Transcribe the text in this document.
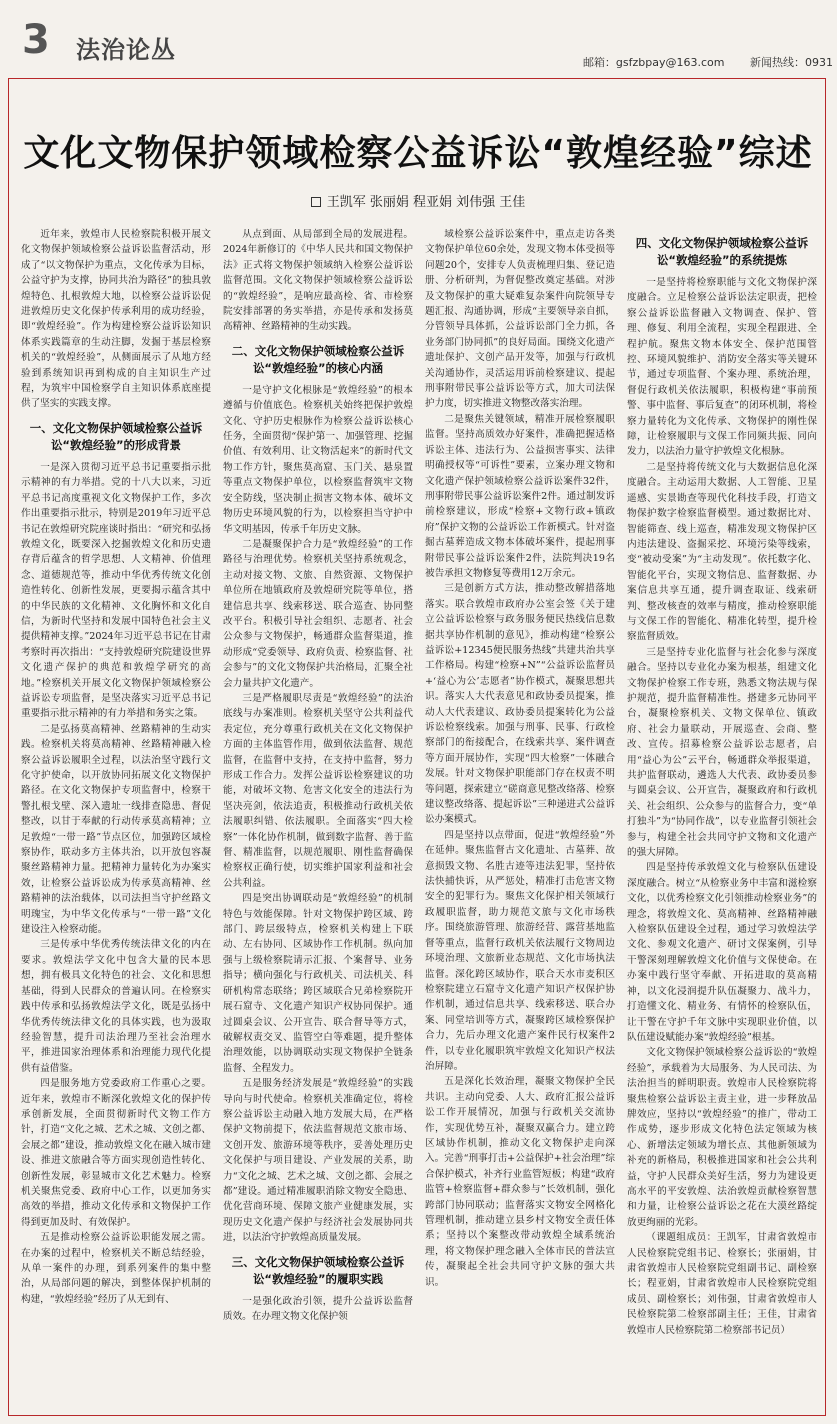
3 法治论丛	邮箱：gsfzbpay@163.com 新闻热线：0931
文化文物保护领域检察公益诉讼“敦煌经验”综述
王凯军 张丽娟 程亚娟 刘伟强 王佳

近年来，敦煌市人民检察院积极开展文化文物保护领域检察公益诉讼监督活动，形成了“以文物保护为重点，文化传承为目标，公益守护为支撑，协同共治为路径”的独具敦煌特色、扎根敦煌大地，以检察公益诉讼促进敦煌历史文化保护传承利用的成功经验，即“敦煌经验”。作为构建检察公益诉讼知识体系实践篇章的生动注脚，发掘于基层检察机关的“敦煌经验”，从侧面展示了从地方经验到系统知识再到构成的自主知识生产过程，为筑牢中国检察学自主知识体系底座提供了坚实的实践支撑。

一、文化文物保护领域检察公益诉讼“敦煌经验”的形成背景

一是深入贯彻习近平总书记重要指示批示精神的有力举措。党的十八大以来，习近平总书记高度重视文化文物保护工作，多次作出重要指示批示，特别是2019年习近平总书记在敦煌研究院座谈时指出：“研究和弘扬敦煌文化，既要深入挖掘敦煌文化和历史遗存背后蕴含的哲学思想、人文精神、价值理念、道德规范等，推动中华优秀传统文化创造性转化、创新性发展，更要揭示蕴含其中的中华民族的文化精神、文化胸怀和文化自信，为新时代坚持和发展中国特色社会主义提供精神支撑。”2024年习近平总书记在甘肃考察时再次指出：“支持敦煌研究院建设世界文化遗产保护的典范和敦煌学研究的高地。”检察机关开展文化文物保护领域检察公益诉讼专项监督，是坚决落实习近平总书记重要指示批示精神的有力举措和务实之策。

二是弘扬莫高精神、丝路精神的生动实践。检察机关将莫高精神、丝路精神融入检察公益诉讼履职全过程，以法治坚守践行文化守护使命，以开放协同拓展文化文物保护路径。在文化文物保护专项监督中，检察干警扎根戈壁、深入遗址一线排查隐患、督促整改，以甘于奉献的行动传承莫高精神；立足敦煌“一带一路”节点区位，加强跨区域检察协作，联动多方主体共治，以开放包容凝聚丝路精神力量。把精神力量转化为办案实效，让检察公益诉讼成为传承莫高精神、丝路精神的法治载体，以司法担当守护丝路文明瑰宝，为中华文化传承与“一带一路”文化建设注入检察动能。

三是传承中华优秀传统法律文化的内在要求。敦煌法学文化中包含大量的民本思想，拥有极具文化特色的社会、文化和思想基础，得到人民群众的普遍认同。在检察实践中传承和弘扬敦煌法学文化，既是弘扬中华优秀传统法律文化的具体实践，也为汲取经验智慧，提升司法治理乃至社会治理水平，推进国家治理体系和治理能力现代化提供有益借鉴。

四是服务地方党委政府工作重心之要。近年来，敦煌市不断深化敦煌文化的保护传承创新发展，全面贯彻新时代文物工作方针，打造“文化之城、艺术之城、文创之都、会展之都”建设，推动敦煌文化在融入城市建设、推进文旅融合等方面实现创造性转化、创新性发展，彰显城市文化艺术魅力。检察机关聚焦党委、政府中心工作，以更加务实高效的举措，推动文化传承和文物保护工作得到更加及时、有效保护。

五是推动检察公益诉讼职能发展之需。在办案的过程中，检察机关不断总结经验，从单一案件的办理，到系列案件的集中整治，从局部问题的解决，到整体保护机制的构建，“敦煌经验”经历了从无到有、

从点到面、从局部到全局的发展进程。2024年新修订的《中华人民共和国文物保护法》正式将文物保护领域纳入检察公益诉讼监督范围。文化文物保护领域检察公益诉讼的“敦煌经验”，是响应最高检、省、市检察院安排部署的务实举措，亦是传承和发扬莫高精神、丝路精神的生动实践。

二、文化文物保护领域检察公益诉讼“敦煌经验”的核心内涵

一是守护文化根脉是“敦煌经验”的根本遵循与价值底色。检察机关始终把保护敦煌文化、守护历史根脉作为检察公益诉讼核心任务，全面贯彻“保护第一、加强管理、挖掘价值、有效利用、让文物活起来”的新时代文物工作方针，聚焦莫高窟、玉门关、悬泉置等重点文物保护单位，以检察监督筑牢文物安全防线，坚决制止损害文物本体、破坏文物历史环境风貌的行为，以检察担当守护中华文明基因，传承千年历史文脉。

二是凝聚保护合力是“敦煌经验”的工作路径与治理优势。检察机关坚持系统观念，主动对接文物、文旅、自然资源、文物保护单位所在地镇政府及敦煌研究院等单位，搭建信息共享、线索移送、联合巡查、协同整改平台。积极引导社会组织、志愿者、社会公众参与文物保护，畅通群众监督渠道，推动形成“党委领导、政府负责、检察监督、社会参与”的文化文物保护共治格局，汇聚全社会力量共护文化遗产。

三是严格履职尽责是“敦煌经验”的法治底线与办案准则。检察机关坚守公共利益代表定位，充分尊重行政机关在文化文物保护方面的主体监管作用，做到依法监督、规范监督，在监督中支持，在支持中监督，努力形成工作合力。发挥公益诉讼检察建议的功能，对破坏文物、危害文化安全的违法行为坚决亮剑，依法追责，积极推动行政机关依法履职纠错、依法履职。全面落实“四大检察”一体化协作机制，做到数字监督、善于监督、精准监督，以规范履职、刚性监督确保检察权正确行使，切实维护国家利益和社会公共利益。

四是突出协调联动是“敦煌经验”的机制特色与效能保障。针对文物保护跨区域、跨部门、跨层级特点，检察机关构建上下联动、左右协同、区域协作工作机制。纵向加强与上级检察院请示汇报、个案督导、业务指导；横向强化与行政机关、司法机关、科研机构常态联络；跨区域联合兄弟检察院开展石窟寺、文化遗产知识产权协同保护。通过圆桌会议、公开宣告、联合督导等方式，破解权责交叉、监管空白等难题，提升整体治理效能，以协调联动实现文物保护全链条监督、全程发力。

五是服务经济发展是“敦煌经验”的实践导向与时代使命。检察机关准确定位，将检察公益诉讼主动融入地方发展大局，在严格保护文物前提下，依法监督规范文旅市场、文创开发、旅游环境等秩序，妥善处理历史文化保护与项目建设、产业发展的关系，助力“文化之城、艺术之城、文创之都、会展之都”建设。通过精准履职消除文物安全隐患、优化营商环境、保障文旅产业健康发展，实现历史文化遗产保护与经济社会发展协同共进，以法治守护敦煌高质量发展。

三、文化文物保护领域检察公益诉讼“敦煌经验”的履职实践

一是强化政治引领，提升公益诉讼监督质效。在办理文物文化保护领

域检察公益诉讼案件中，重点走访各类文物保护单位60余处，发现文物本体受损等问题20个，安排专人负责梳理归集、登记造册、分析研判，为督促整改奠定基础。对涉及文物保护的重大疑难复杂案件向院领导专题汇报、沟通协调，形成“主要领导亲自抓，分管领导具体抓，公益诉讼部门全力抓，各业务部门协同抓”的良好局面。围绕文化遗产遗址保护、文创产品开发等，加强与行政机关沟通协作，灵活运用诉前检察建议、提起刑事附带民事公益诉讼等方式，加大司法保护力度，切实推进文物整改落实治理。

二是聚焦关键领域，精准开展检察履职监督。坚持高质效办好案件，准确把握适格诉讼主体、违法行为、公益损害事实、法律明确授权等“可诉性”要素，立案办理文物和文化遗产保护领域检察公益诉讼案件32件，刑事附带民事公益诉讼案件2件。通过制发诉前检察建议，形成“检察+文物行政+镇政府”保护文物的公益诉讼工作新模式。针对盗掘古墓葬造成文物本体破坏案件，提起刑事附带民事公益诉讼案件2件，法院判决19名被告承担文物修复等费用12万余元。

三是创新方式方法，推动整改解措落地落实。联合敦煌市政府办公室会签《关于建立公益诉讼检察与政务服务便民热线信息数据共享协作机制的意见》，推动构建“检察公益诉讼+12345便民服务热线”共建共治共享工作格局。构建“检察+N”“公益诉讼监督员+‘益心为公’志愿者”协作模式，凝聚思想共识。落实人大代表意见和政协委员提案，推动人大代表建议、政协委员提案转化为公益诉讼检察线索。加强与刑事、民事、行政检察部门的衔接配合，在线索共享、案件调查等方面开展协作，实现“四大检察”一体融合发展。针对文物保护职能部门存在权责不明等问题，探索建立“磋商意见整改络落、检察建议整改络落、提起诉讼”三种递进式公益诉讼办案模式。

四是坚持以点带面，促进“敦煌经验”外在延伸。聚焦监督古文化遗址、古墓葬、故意损毁文物、名胜古迹等违法犯罪，坚持依法快捕快诉，从严惩处，精准打击危害文物安全的犯罪行为。聚焦文化保护相关领域行政履职监督，助力规范文旅与文化市场秩序。围绕旅游管理、旅游经营、露营基地监督等重点，监督行政机关依法履行文物周边环境治理、文旅新业态规范、文化市场执法监督。深化跨区域协作，联合天水市麦积区检察院建立石窟寺文化遗产知识产权保护协作机制，通过信息共享、线索移送、联合办案、同堂培训等方式，凝聚跨区域检察保护合力，先后办理文化遗产案件民行权案件2件，以专业化履职筑牢敦煌文化知识产权法治屏障。

五是深化长效治理，凝聚文物保护全民共识。主动向党委、人大、政府汇报公益诉讼工作开展情况，加强与行政机关交流协作，实现优势互补，凝聚双赢合力。建立跨区域协作机制，推动文化文物保护走向深入。完善“刑事打击+公益保护+社会治理”综合保护模式，补齐行业监管短板；构建“政府监管+检察监督+群众参与”长效机制，强化跨部门协同联动；监督落实文物安全网格化管理机制，推动建立县乡村文物安全责任体系；坚持以个案整改带动敦煌全域系统治理，将文物保护理念融入全体市民的普法宣传，凝聚起全社会共同守护文脉的强大共识。

四、文化文物保护领域检察公益诉讼“敦煌经验”的系统提炼

一是坚持将检察职能与文化文物保护深度融合。立足检察公益诉讼法定职责，把检察公益诉讼监督融入文物调查、保护、管理、修复、利用全流程，实现全程跟进、全程护航。聚焦文物本体安全、保护范围管控、环境风貌维护、消防安全落实等关键环节，通过专项监督、个案办理、系统治理，督促行政机关依法履职，积极构建“事前预警、事中监督、事后复查”的闭环机制，将检察力量转化为文化传承、文物保护的刚性保障，让检察履职与文保工作同频共振、同向发力，以法治力量守护敦煌文化根脉。

二是坚持将传统文化与大数据信息化深度融合。主动运用大数据、人工智能、卫星遥感、实景勘查等现代化科技手段，打造文物保护数字检察监督模型。通过数据比对、智能筛查、线上巡查，精准发现文物保护区内违法建设、盗掘采挖、环境污染等线索，变“被动受案”为“主动发现”。依托数字化、智能化平台，实现文物信息、监督数据、办案信息共享互通，提升调查取证、线索研判、整改核查的效率与精度，推动检察职能与文保工作的智能化、精准化转型，提升检察监督质效。

三是坚持专业化监督与社会化参与深度融合。坚持以专业化办案为根基，组建文化文物保护检察工作专班，熟悉文物法规与保护规范，提升监督精准性。搭建多元协同平台，凝聚检察机关、文物文保单位、镇政府、社会力量联动，开展巡查、会商、整改、宣传。招募检察公益诉讼志愿者，启用“益心为公”云平台，畅通群众举报渠道，共护监督联动，遴选人大代表、政协委员参与圆桌会议、公开宣告，凝聚政府和行政机关、社会组织、公众参与的监督合力，变“单打独斗”为“协同作战”，以专业监督引领社会参与，构建全社会共同守护文物和文化遗产的强大屏障。

四是坚持传承敦煌文化与检察队伍建设深度融合。树立“从检察业务中丰富和滋检察文化，以优秀检察文化引领推动检察业务”的理念，将敦煌文化、莫高精神、丝路精神融入检察队伍建设全过程，通过学习敦煌法学文化、参观文化遗产、研讨文保案例，引导干警深刻理解敦煌文化价值与文保使命。在办案中践行坚守奉献、开拓进取的莫高精神，以文化浸润提升队伍凝聚力、战斗力，打造懂文化、精业务、有情怀的检察队伍，让干警在守护千年文脉中实现职业价值，以队伍建设赋能办案“敦煌经验”根基。

文化文物保护领域检察公益诉讼的“敦煌经验”，承载着为大局服务、为人民司法、为法治担当的鲜明职责。敦煌市人民检察院将聚焦检察公益诉讼主责主业，进一步释放品牌效应，坚持以“敦煌经验”的推广，带动工作成势，逐步形成文化特色法定领域为核心、新增法定领域为增长点、其他新领域为补充的新格局，积极推进国家和社会公共利益，守护人民群众美好生活，努力为建设更高水平的平安敦煌、法治敦煌贡献检察智慧和力量，让检察公益诉讼之花在大漠丝路绽放更绚丽的光彩。

（课题组成员：王凯军，甘肃省敦煌市人民检察院党组书记、检察长；张丽娟，甘肃省敦煌市人民检察院党组副书记、副检察长；程亚娟，甘肃省敦煌市人民检察院党组成员、副检察长；刘伟强，甘肃省敦煌市人民检察院第二检察部副主任；王佳，甘肃省敦煌市人民检察院第二检察部书记员）
